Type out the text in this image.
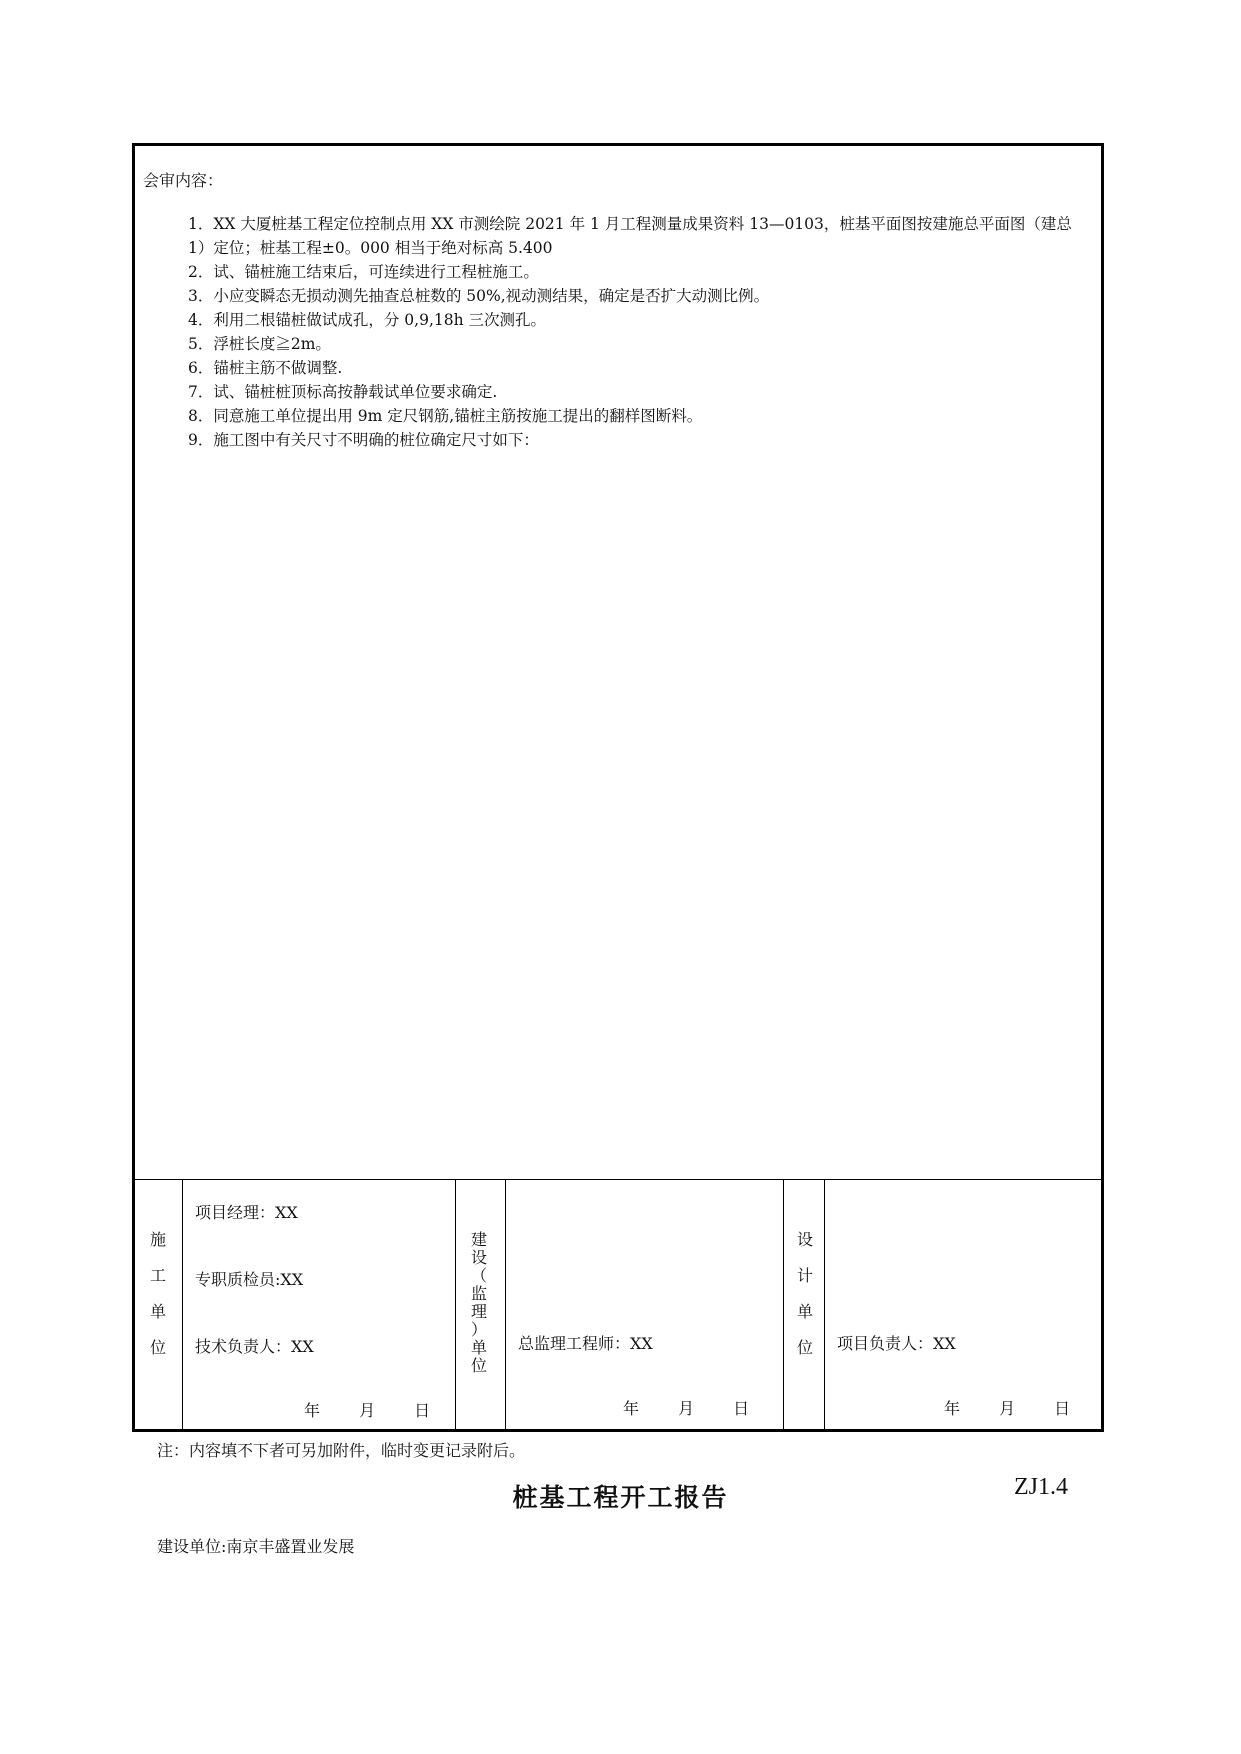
会审内容：
1．XX 大厦桩基工程定位控制点用 XX 市测绘院 2021 年 1 月工程测量成果资料 13—0103，桩基平面图按建施总平面图（建总 1）定位；桩基工程±0。000 相当于绝对标高 5.400
2．试、锚桩施工结束后，可连续进行工程桩施工。
3．小应变瞬态无损动测先抽查总桩数的 50%,视动测结果，确定是否扩大动测比例。
4．利用二根锚桩做试成孔，分 0,9,18h 三次测孔。
5．浮桩长度≧2m。
6．锚桩主筋不做调整.
7．试、锚桩桩顶标高按静载试单位要求确定.
8．同意施工单位提出用 9m 定尺钢筋,锚桩主筋按施工提出的翻样图断料。
9．施工图中有关尺寸不明确的桩位确定尺寸如下：
施
工
单
位
项目经理：XX
专职质检员:XX
技术负责人：XX
年 月 日
建
设
（
监
理
）
单
位
总监理工程师：XX
年 月 日
设
计
单
位	项目负责人：XX
年 月 日
注：内容填不下者可另加附件，临时变更记录附后。
桩基工程开工报告	ZJ1.4
建设单位:南京丰盛置业发展
